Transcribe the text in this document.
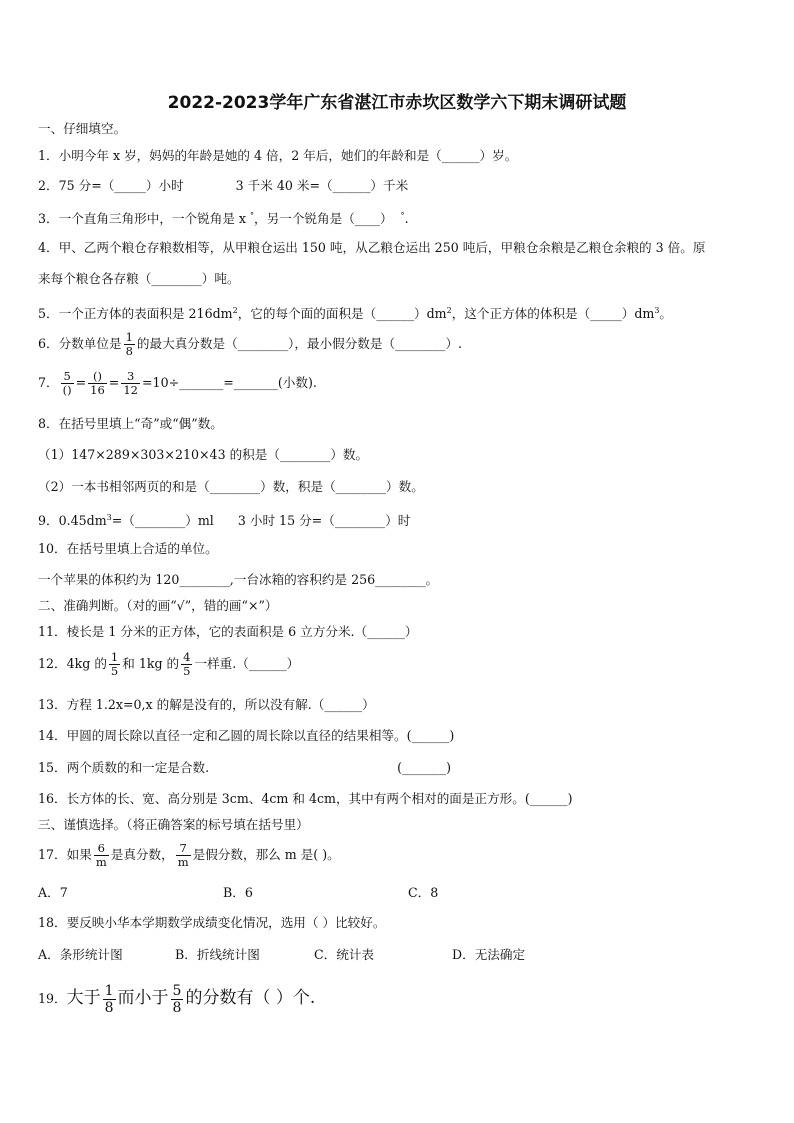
2022-2023学年广东省湛江市赤坎区数学六下期末调研试题
一、仔细填空。
1．小明今年 x 岁，妈妈的年龄是她的 4 倍，2 年后，她们的年龄和是（______）岁。
2．75 分=（_____）小时	3 千米 40 米=（______）千米
3．一个直角三角形中，一个锐角是 x °，另一个锐角是（____） °.
4．甲、乙两个粮仓存粮数相等，从甲粮仓运出 150 吨，从乙粮仓运出 250 吨后，甲粮仓余粮是乙粮仓余粮的 3 倍。原
来每个粮仓各存粮（________）吨。
5．一个正方体的表面积是 $216dm^2$，它的每个面的面积是$(\_\_\_\_\_\_)dm^2$，这个正方体的体积是$(\_\_\_\_\_)dm^3$。
6．分数单位是 $\frac{1}{8}$ 的最大真分数是（________），最小假分数是（________）.
7． $\frac{5}{()} = \frac{()}{16} = \frac{3}{12}$ =10÷_______=_______(小数).
8．在括号里填上“奇”或“偶”数。
（1）147×289×303×210×43 的积是（________）数。
（2）一本书相邻两页的和是（________）数，积是（________）数。
9．$0.45dm^3=(\_\_\_\_\_\_\_\_)ml$ 3 小时 15 分=（________）时
10．在括号里填上合适的单位。
一个苹果的体积约为 120________,一台冰箱的容积约是 256________。
二、准确判断。（对的画“√”，错的画“×”）
11．棱长是 1 分米的正方体，它的表面积是 6 立方分米.（______）
12．4kg 的 $\frac{1}{5}$ 和 1kg 的 $\frac{4}{5}$ 一样重.（______）
13．方程 1.2x=0,x 的解是没有的，所以没有解.（______）
14．甲圆的周长除以直径一定和乙圆的周长除以直径的结果相等。(______)
15．两个质数的和一定是合数.	(_______)
16．长方体的长、宽、高分别是 3cm、4cm 和 4cm，其中有两个相对的面是正方形。(______)
三、谨慎选择。（将正确答案的标号填在括号里）
17．如果 $\frac{6}{m}$ 是真分数， $\frac{7}{m}$ 是假分数，那么 m 是( )。
A．7	B．6	C．8
18．要反映小华本学期数学成绩变化情况，选用（ ）比较好。
A．条形统计图	B．折线统计图	C．统计表	D．无法确定
19．大于 $\frac{1}{8}$ 而小于 $\frac{5}{8}$ 的分数有（ ）个.
